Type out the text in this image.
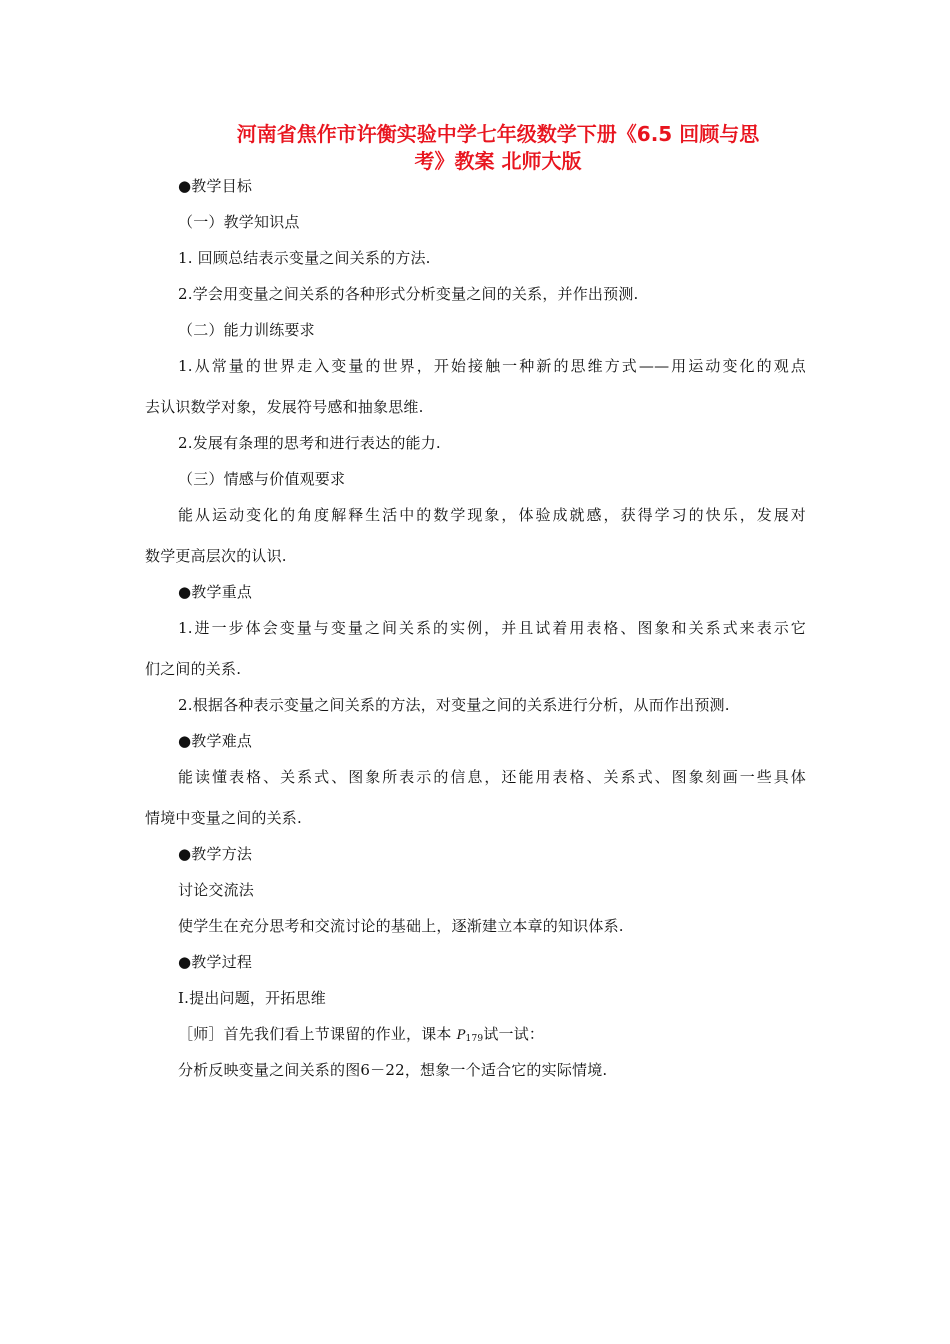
河南省焦作市许衡实验中学七年级数学下册《6.5 回顾与思
考》教案 北师大版
●教学目标
（一）教学知识点
1. 回顾总结表示变量之间关系的方法.
2.学会用变量之间关系的各种形式分析变量之间的关系，并作出预测.
（二）能力训练要求
1.从常量的世界走入变量的世界，开始接触一种新的思维方式——用运动变化的观点
去认识数学对象，发展符号感和抽象思维.
2.发展有条理的思考和进行表达的能力.
（三）情感与价值观要求
能从运动变化的角度解释生活中的数学现象，体验成就感，获得学习的快乐，发展对
数学更高层次的认识.
●教学重点
1.进一步体会变量与变量之间关系的实例，并且试着用表格、图象和关系式来表示它
们之间的关系.
2.根据各种表示变量之间关系的方法，对变量之间的关系进行分析，从而作出预测.
●教学难点
能读懂表格、关系式、图象所表示的信息，还能用表格、关系式、图象刻画一些具体
情境中变量之间的关系.
●教学方法
讨论交流法
使学生在充分思考和交流讨论的基础上，逐渐建立本章的知识体系.
●教学过程
Ⅰ.提出问题，开拓思维
［师］首先我们看上节课留的作业，课本 $P_{179}$试一试：
分析反映变量之间关系的图6－22，想象一个适合它的实际情境.
